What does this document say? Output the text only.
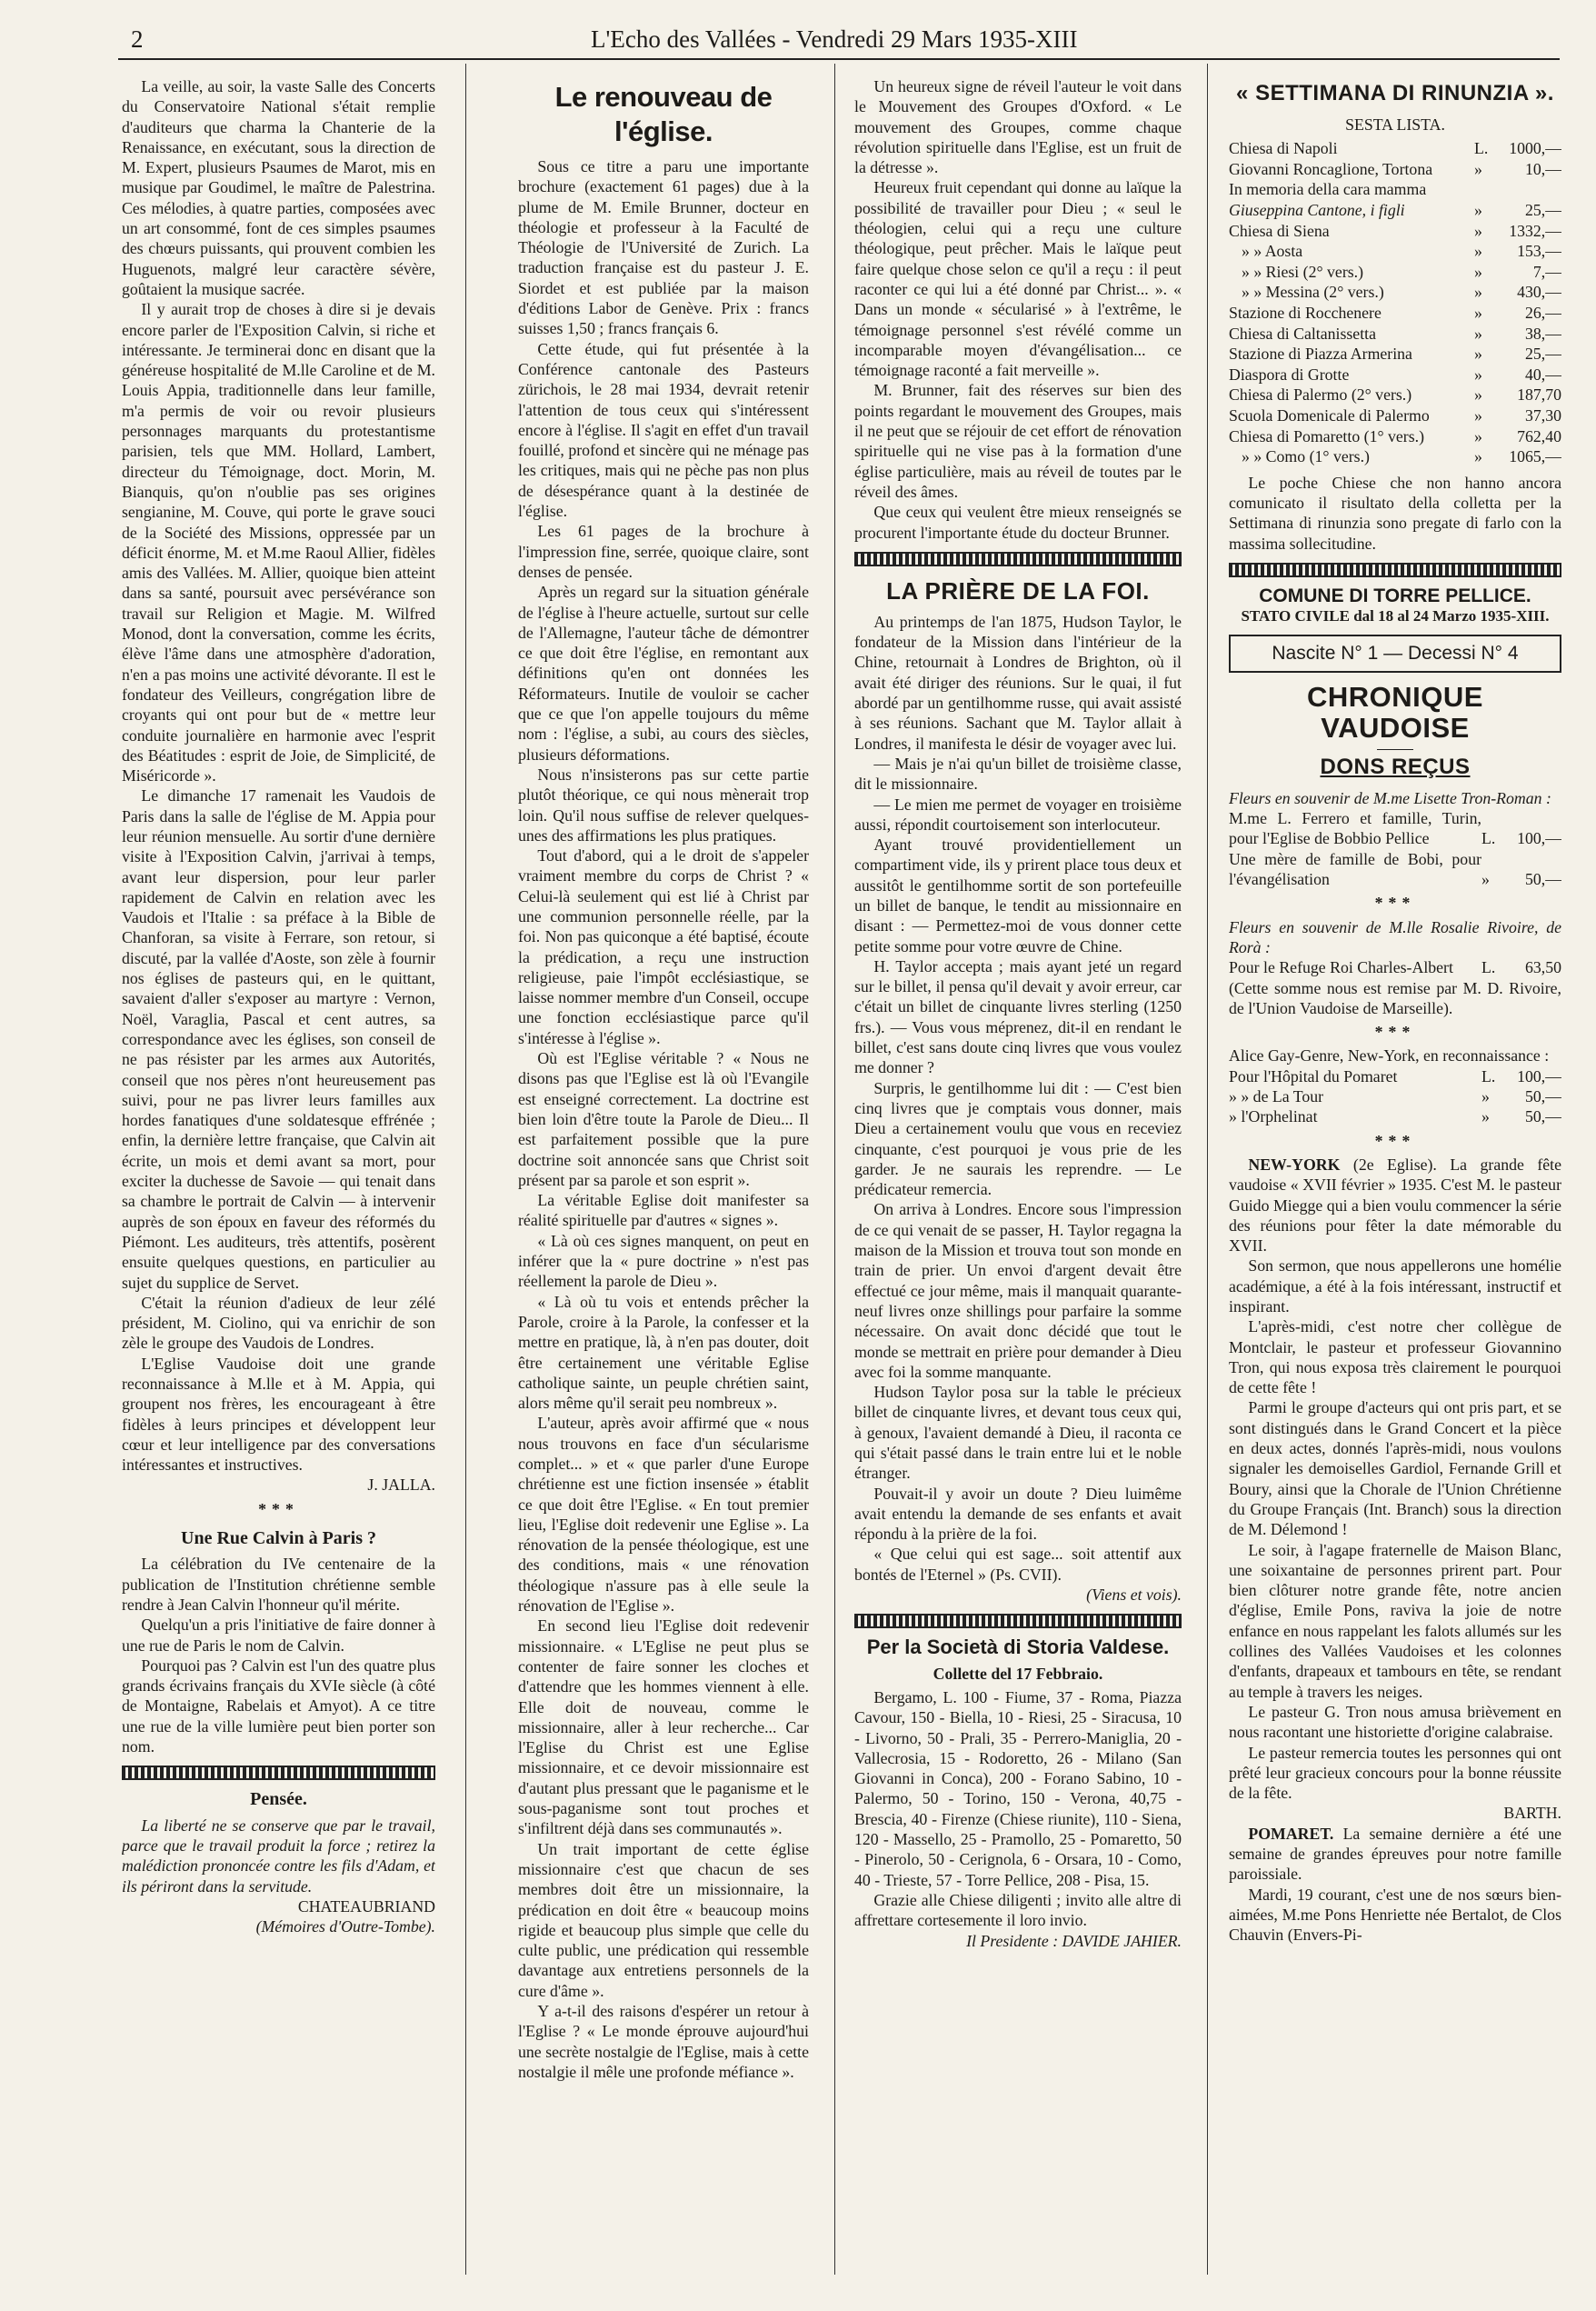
2	L'Echo des Vallées - Vendredi 29 Mars 1935-XIII

La veille, au soir, la vaste Salle des Concerts du Conservatoire National s'était remplie d'auditeurs que charma la Chanterie de la Renaissance, en exécutant, sous la direction de M. Expert, plusieurs Psaumes de Marot, mis en musique par Goudimel, le maître de Palestrina. Ces mélodies, à quatre parties, composées avec un art consommé, font de ces simples psaumes des chœurs puissants, qui prouvent combien les Huguenots, malgré leur caractère sévère, goûtaient la musique sacrée.

Il y aurait trop de choses à dire si je devais encore parler de l'Exposition Calvin, si riche et intéressante. Je terminerai donc en disant que la généreuse hospitalité de M.lle Caroline et de M. Louis Appia, traditionnelle dans leur famille, m'a permis de voir ou revoir plusieurs personnages marquants du protestantisme parisien, tels que MM. Hollard, Lambert, directeur du Témoignage, doct. Morin, M. Bianquis, qu'on n'oublie pas ses origines sengianine, M. Couve, qui porte le grave souci de la Société des Missions, oppressée par un déficit énorme, M. et M.me Raoul Allier, fidèles amis des Vallées. M. Allier, quoique bien atteint dans sa santé, poursuit avec persévérance son travail sur Religion et Magie. M. Wilfred Monod, dont la conversation, comme les écrits, élève l'âme dans une atmosphère d'adoration, n'en a pas moins une activité dévorante. Il est le fondateur des Veilleurs, congrégation libre de croyants qui ont pour but de « mettre leur conduite journalière en harmonie avec l'esprit des Béatitudes : esprit de Joie, de Simplicité, de Miséricorde ».

Le dimanche 17 ramenait les Vaudois de Paris dans la salle de l'église de M. Appia pour leur réunion mensuelle. Au sortir d'une dernière visite à l'Exposition Calvin, j'arrivai à temps, avant leur dispersion, pour leur parler rapidement de Calvin en relation avec les Vaudois et l'Italie : sa préface à la Bible de Chanforan, sa visite à Ferrare, son retour, si discuté, par la vallée d'Aoste, son zèle à fournir nos églises de pasteurs qui, en le quittant, savaient d'aller s'exposer au martyre : Vernon, Noël, Varaglia, Pascal et cent autres, sa correspondance avec les églises, son conseil de ne pas résister par les armes aux Autorités, conseil que nos pères n'ont heureusement pas suivi, pour ne pas livrer leurs familles aux hordes fanatiques d'une soldatesque effrénée ; enfin, la dernière lettre française, que Calvin ait écrite, un mois et demi avant sa mort, pour exciter la duchesse de Savoie — qui tenait dans sa chambre le portrait de Calvin — à intervenir auprès de son époux en faveur des réformés du Piémont. Les auditeurs, très attentifs, posèrent ensuite quelques questions, en particulier au sujet du supplice de Servet.

C'était la réunion d'adieux de leur zélé président, M. Ciolino, qui va enrichir de son zèle le groupe des Vaudois de Londres.

L'Eglise Vaudoise doit une grande reconnaissance à M.lle et à M. Appia, qui groupent nos frères, les encourageant à être fidèles à leurs principes et développent leur cœur et leur intelligence par des conversations intéressantes et instructives.

J. JALLA.
***
Une Rue Calvin à Paris ?

La célébration du IVe centenaire de la publication de l'Institution chrétienne semble rendre à Jean Calvin l'honneur qu'il mérite.

Quelqu'un a pris l'initiative de faire donner à une rue de Paris le nom de Calvin.

Pourquoi pas ? Calvin est l'un des quatre plus grands écrivains français du XVIe siècle (à côté de Montaigne, Rabelais et Amyot). A ce titre une rue de la ville lumière peut bien porter son nom.

Pensée.

La liberté ne se conserve que par le travail, parce que le travail produit la force ; retirez la malédiction prononcée contre les fils d'Adam, et ils périront dans la servitude.

CHATEAUBRIAND
(Mémoires d'Outre-Tombe).
Le renouveau de l'église.

Sous ce titre a paru une importante brochure (exactement 61 pages) due à la plume de M. Emile Brunner, docteur en théologie et professeur à la Faculté de Théologie de l'Université de Zurich. La traduction française est du pasteur J. E. Siordet et est publiée par la maison d'éditions Labor de Genève. Prix : francs suisses 1,50 ; francs français 6.

Cette étude, qui fut présentée à la Conférence cantonale des Pasteurs zürichois, le 28 mai 1934, devrait retenir l'attention de tous ceux qui s'intéressent encore à l'église. Il s'agit en effet d'un travail fouillé, profond et sincère qui ne ménage pas les critiques, mais qui ne pèche pas non plus de désespérance quant à la destinée de l'église.

Les 61 pages de la brochure à l'impression fine, serrée, quoique claire, sont denses de pensée.

Après un regard sur la situation générale de l'église à l'heure actuelle, surtout sur celle de l'Allemagne, l'auteur tâche de démontrer ce que doit être l'église, en remontant aux définitions qu'en ont données les Réformateurs. Inutile de vouloir se cacher que ce que l'on appelle toujours du même nom : l'église, a subi, au cours des siècles, plusieurs déformations.

Nous n'insisterons pas sur cette partie plutôt théorique, ce qui nous mènerait trop loin. Qu'il nous suffise de relever quelques-unes des affirmations les plus pratiques.

Tout d'abord, qui a le droit de s'appeler vraiment membre du corps de Christ ? « Celui-là seulement qui est lié à Christ par une communion personnelle réelle, par la foi. Non pas quiconque a été baptisé, écoute la prédication, a reçu une instruction religieuse, paie l'impôt ecclésiastique, se laisse nommer membre d'un Conseil, occupe une fonction ecclésiastique parce qu'il s'intéresse à l'église ».

Où est l'Eglise véritable ? « Nous ne disons pas que l'Eglise est là où l'Evangile est enseigné correctement. La doctrine est bien loin d'être toute la Parole de Dieu... Il est parfaitement possible que la pure doctrine soit annoncée sans que Christ soit présent par sa parole et son esprit ».

La véritable Eglise doit manifester sa réalité spirituelle par d'autres « signes ».

« Là où ces signes manquent, on peut en inférer que la « pure doctrine » n'est pas réellement la parole de Dieu ».

« Là où tu vois et entends prêcher la Parole, croire à la Parole, la confesser et la mettre en pratique, là, à n'en pas douter, doit être certainement une véritable Eglise catholique sainte, un peuple chrétien saint, alors même qu'il serait peu nombreux ».

L'auteur, après avoir affirmé que « nous nous trouvons en face d'un sécularisme complet... » et « que parler d'une Europe chrétienne est une fiction insensée » établit ce que doit être l'Eglise. « En tout premier lieu, l'Eglise doit redevenir une Eglise ». La rénovation de la pensée théologique, est une des conditions, mais « une rénovation théologique n'assure pas à elle seule la rénovation de l'Eglise ».

En second lieu l'Eglise doit redevenir missionnaire. « L'Eglise ne peut plus se contenter de faire sonner les cloches et d'attendre que les hommes viennent à elle. Elle doit de nouveau, comme le missionnaire, aller à leur recherche... Car l'Eglise du Christ est une Eglise missionnaire, et ce devoir missionnaire est d'autant plus pressant que le paganisme et le sous-paganisme sont tout proches et s'infiltrent déjà dans ses communautés ».

Un trait important de cette église missionnaire c'est que chacun de ses membres doit être un missionnaire, la prédication en doit être « beaucoup moins rigide et beaucoup plus simple que celle du culte public, une prédication qui ressemble davantage aux entretiens personnels de la cure d'âme ».

Y a-t-il des raisons d'espérer un retour à l'Eglise ? « Le monde éprouve aujourd'hui une secrète nostalgie de l'Eglise, mais à cette nostalgie il mêle une profonde méfiance ».

Un heureux signe de réveil l'auteur le voit dans le Mouvement des Groupes d'Oxford. « Le mouvement des Groupes, comme chaque révolution spirituelle dans l'Eglise, est un fruit de la détresse ».

Heureux fruit cependant qui donne au laïque la possibilité de travailler pour Dieu ; « seul le théologien, celui qui a reçu une culture théologique, peut prêcher. Mais le laïque peut faire quelque chose selon ce qu'il a reçu : il peut raconter ce qui lui a été donné par Christ... ». « Dans un monde « sécularisé » à l'extrême, le témoignage personnel s'est révélé comme un incomparable moyen d'évangélisation... ce témoignage raconté a fait merveille ».

M. Brunner, fait des réserves sur bien des points regardant le mouvement des Groupes, mais il ne peut que se réjouir de cet effort de rénovation spirituelle qui ne vise pas à la formation d'une église particulière, mais au réveil de toutes par le réveil des âmes.

Que ceux qui veulent être mieux renseignés se procurent l'importante étude du docteur Brunner.

LA PRIÈRE DE LA FOI.

Au printemps de l'an 1875, Hudson Taylor, le fondateur de la Mission dans l'intérieur de la Chine, retournait à Londres de Brighton, où il avait été diriger des réunions. Sur le quai, il fut abordé par un gentilhomme russe, qui avait assisté à ses réunions. Sachant que M. Taylor allait à Londres, il manifesta le désir de voyager avec lui.

— Mais je n'ai qu'un billet de troisième classe, dit le missionnaire.

— Le mien me permet de voyager en troisième aussi, répondit courtoisement son interlocuteur.

Ayant trouvé providentiellement un compartiment vide, ils y prirent place tous deux et aussitôt le gentilhomme sortit de son portefeuille un billet de banque, le tendit au missionnaire en disant : — Permettez-moi de vous donner cette petite somme pour votre œuvre de Chine.

H. Taylor accepta ; mais ayant jeté un regard sur le billet, il pensa qu'il devait y avoir erreur, car c'était un billet de cinquante livres sterling (1250 frs.). — Vous vous méprenez, dit-il en rendant le billet, c'est sans doute cinq livres que vous voulez me donner ?

Surpris, le gentilhomme lui dit : — C'est bien cinq livres que je comptais vous donner, mais Dieu a certainement voulu que vous en receviez cinquante, c'est pourquoi je vous prie de les garder. Je ne saurais les reprendre. — Le prédicateur remercia.

On arriva à Londres. Encore sous l'impression de ce qui venait de se passer, H. Taylor regagna la maison de la Mission et trouva tout son monde en train de prier. Un envoi d'argent devait être effectué ce jour même, mais il manquait quarante-neuf livres onze shillings pour parfaire la somme nécessaire. On avait donc décidé que tout le monde se mettrait en prière pour demander à Dieu avec foi la somme manquante.

Hudson Taylor posa sur la table le précieux billet de cinquante livres, et devant tous ceux qui, à genoux, l'avaient demandé à Dieu, il raconta ce qui s'était passé dans le train entre lui et le noble étranger.

Pouvait-il y avoir un doute ? Dieu luimême avait entendu la demande de ses enfants et avait répondu à la prière de la foi.

« Que celui qui est sage... soit attentif aux bontés de l'Eternel » (Ps. CVII).

(Viens et vois).
Per la Società di Storia Valdese.
Collette del 17 Febbraio.

Bergamo, L. 100 - Fiume, 37 - Roma, Piazza Cavour, 150 - Biella, 10 - Riesi, 25 - Siracusa, 10 - Livorno, 50 - Prali, 35 - Perrero-Maniglia, 20 - Vallecrosia, 15 - Rodoretto, 26 - Milano (San Giovanni in Conca), 200 - Forano Sabino, 10 - Palermo, 50 - Torino, 150 - Verona, 40,75 - Brescia, 40 - Firenze (Chiese riunite), 110 - Siena, 120 - Massello, 25 - Pramollo, 25 - Pomaretto, 50 - Pinerolo, 50 - Cerignola, 6 - Orsara, 10 - Como, 40 - Trieste, 57 - Torre Pellice, 208 - Pisa, 15.

Grazie alle Chiese diligenti ; invito alle altre di affrettare cortesemente il loro invio.

Il Presidente : DAVIDE JAHIER.
« SETTIMANA DI RINUNZIA ».
SESTA LISTA.
Chiesa di Napoli	L.	1000,—
Giovanni Roncaglione, Tortona	»	10,—
In memoria della cara mamma		
Giuseppina Cantone, i figli	»	25,—
Chiesa di Siena	»	1332,—
» » Aosta	»	153,—
» » Riesi (2° vers.)	»	7,—
» » Messina (2° vers.)	»	430,—
Stazione di Rocchenere	»	26,—
Chiesa di Caltanissetta	»	38,—
Stazione di Piazza Armerina	»	25,—
Diaspora di Grotte	»	40,—
Chiesa di Palermo (2° vers.)	»	187,70
Scuola Domenicale di Palermo	»	37,30
Chiesa di Pomaretto (1° vers.)	»	762,40
» » Como (1° vers.)	»	1065,—

Le poche Chiese che non hanno ancora comunicato il risultato della colletta per la Settimana di rinunzia sono pregate di farlo con la massima sollecitudine.

COMUNE DI TORRE PELLICE.
STATO CIVILE dal 18 al 24 Marzo 1935-XIII.
Nascite N° 1 — Decessi N° 4
CHRONIQUE VAUDOISE
DONS REÇUS

Fleurs en souvenir de M.me Lisette Tron-Roman :

M.me L. Ferrero et famille, Turin, pour l'Eglise de Bobbio Pellice	L.	100,—
Une mère de famille de Bobi, pour l'évangélisation	»	50,—
***

Fleurs en souvenir de M.lle Rosalie Rivoire, de Rorà :

Pour le Refuge Roi Charles-Albert	L.	63,50

(Cette somme nous est remise par M. D. Rivoire, de l'Union Vaudoise de Marseille).

***

Alice Gay-Genre, New-York, en reconnaissance :

Pour l'Hôpital du Pomaret	L.	100,—
» » de La Tour	»	50,—
» l'Orphelinat	»	50,—
***

NEW-YORK (2e Eglise). La grande fête vaudoise « XVII février » 1935. C'est M. le pasteur Guido Miegge qui a bien voulu commencer la série des réunions pour fêter la date mémorable du XVII.

Son sermon, que nous appellerons une homélie académique, a été à la fois intéressant, instructif et inspirant.

L'après-midi, c'est notre cher collègue de Montclair, le pasteur et professeur Giovannino Tron, qui nous exposa très clairement le pourquoi de cette fête !

Parmi le groupe d'acteurs qui ont pris part, et se sont distingués dans le Grand Concert et la pièce en deux actes, donnés l'après-midi, nous voulons signaler les demoiselles Gardiol, Fernande Grill et Boury, ainsi que la Chorale de l'Union Chrétienne du Groupe Français (Int. Branch) sous la direction de M. Délemond !

Le soir, à l'agape fraternelle de Maison Blanc, une soixantaine de personnes prirent part. Pour bien clôturer notre grande fête, notre ancien d'église, Emile Pons, raviva la joie de notre enfance en nous rappelant les falots allumés sur les collines des Vallées Vaudoises et les colonnes d'enfants, drapeaux et tambours en tête, se rendant au temple à travers les neiges.

Le pasteur G. Tron nous amusa brièvement en nous racontant une historiette d'origine calabraise.

Le pasteur remercia toutes les personnes qui ont prêté leur gracieux concours pour la bonne réussite de la fête.

BARTH.

POMARET. La semaine dernière a été une semaine de grandes épreuves pour notre famille paroissiale.

Mardi, 19 courant, c'est une de nos sœurs bien-aimées, M.me Pons Henriette née Bertalot, de Clos Chauvin (Envers-Pi-
